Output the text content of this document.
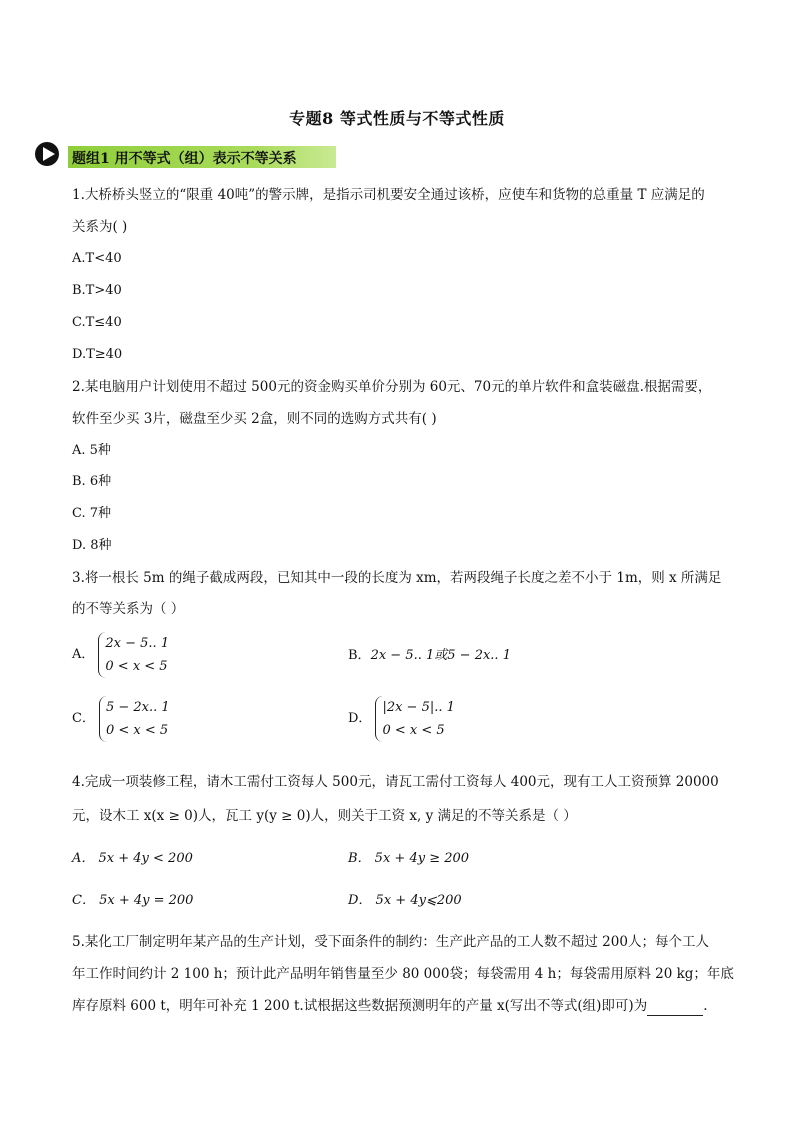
专题8 等式性质与不等式性质
题组1 用不等式（组）表示不等关系
1.大桥桥头竖立的“限重 40吨”的警示牌，是指示司机要安全通过该桥，应使车和货物的总重量 T 应满足的
关系为( )
A.T<40
B.T>40
C.T≤40
D.T≥40
2.某电脑用户计划使用不超过 500元的资金购买单价分别为 60元、70元的单片软件和盒装磁盘.根据需要，
软件至少买 3片，磁盘至少买 2盒，则不同的选购方式共有( )
A. 5种
B. 6种
C. 7种
D. 8种
3.将一根长 5m 的绳子截成两段，已知其中一段的长度为 xm，若两段绳子长度之差不小于 1m，则 x 所满足
的不等关系为（ ）
A．
2x − 5.. 1
0 < x < 5
B．2x − 5.. 1或5 − 2x.. 1
C．
5 − 2x.. 1
0 < x < 5
D．
|2x − 5|.. 1
0 < x < 5
4.完成一项装修工程，请木工需付工资每人 500元，请瓦工需付工资每人 400元，现有工人工资预算 20000
元，设木工 x(x ≥ 0)人，瓦工 y(y ≥ 0)人，则关于工资 x, y 满足的不等关系是（ ）
A． 5x + 4y < 200	B． 5x + 4y ≥ 200
C． 5x + 4y = 200	D． 5x + 4y⩽200
5.某化工厂制定明年某产品的生产计划，受下面条件的制约：生产此产品的工人数不超过 200人；每个工人
年工作时间约计 2 100 h；预计此产品明年销售量至少 80 000袋；每袋需用 4 h；每袋需用原料 20 kg；年底
库存原料 600 t，明年可补充 1 200 t.试根据这些数据预测明年的产量 x(写出不等式(组)即可)为	.
